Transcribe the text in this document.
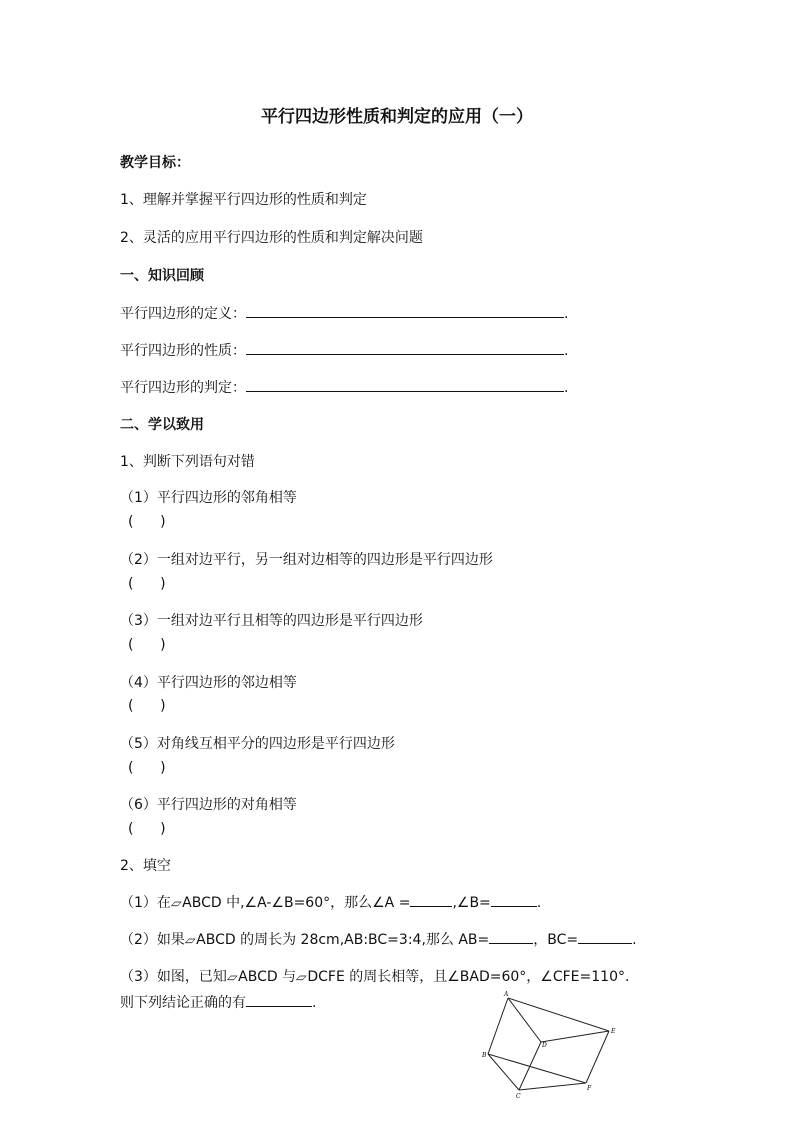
平行四边形性质和判定的应用（一）
教学目标：
1、理解并掌握平行四边形的性质和判定
2、灵活的应用平行四边形的性质和判定解决问题
一、知识回顾
平行四边形的定义：	.
平行四边形的性质：	.
平行四边形的判定：	.
二、学以致用
1、判断下列语句对错
（1）平行四边形的邻角相等
(      )
（2）一组对边平行，另一组对边相等的四边形是平行四边形
(      )
（3）一组对边平行且相等的四边形是平行四边形
(      )
（4）平行四边形的邻边相等
(      )
（5）对角线互相平分的四边形是平行四边形
(      )
（6）平行四边形的对角相等
(      )
2、填空
（1）在▱ABCD 中,∠A-∠B=60°，那么∠A =	,∠B=	.
（2）如果▱ABCD 的周长为 28cm,AB:BC=3:4,那么 AB=	，BC=	.
（3）如图，已知▱ABCD 与▱DCFE 的周长相等，且∠BAD=60°，∠CFE=110°．
则下列结论正确的有	.
A
B
C
D
E
F
